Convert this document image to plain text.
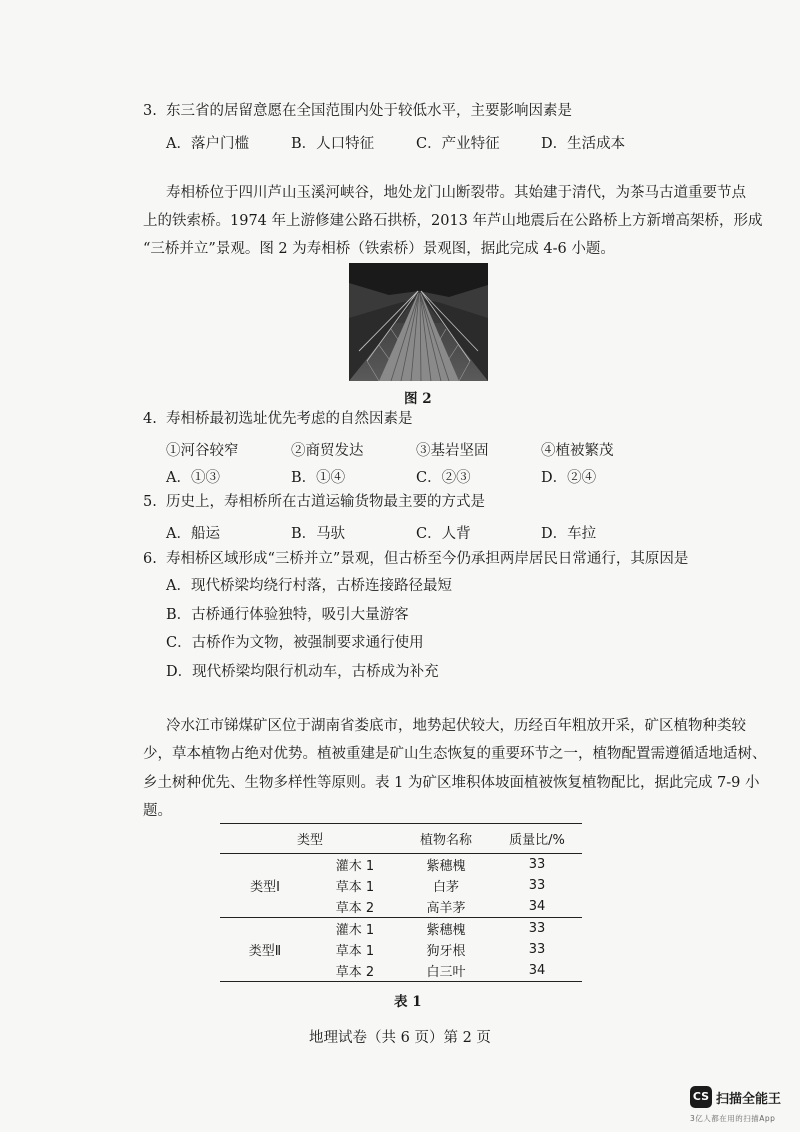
3. 东三省的居留意愿在全国范围内处于较低水平，主要影响因素是
A．落户门槛	B．人口特征	C．产业特征	D．生活成本
寿相桥位于四川芦山玉溪河峡谷，地处龙门山断裂带。其始建于清代，为茶马古道重要节点
上的铁索桥。1974 年上游修建公路石拱桥，2013 年芦山地震后在公路桥上方新增高架桥，形成
“三桥并立”景观。图 2 为寿相桥（铁索桥）景观图，据此完成 4-6 小题。
图 2
4. 寿相桥最初选址优先考虑的自然因素是
①河谷较窄	②商贸发达	③基岩坚固	④植被繁茂
A．①③	B．①④	C．②③	D．②④
5. 历史上，寿相桥所在古道运输货物最主要的方式是
A．船运	B．马驮	C．人背	D．车拉
6. 寿相桥区域形成“三桥并立”景观，但古桥至今仍承担两岸居民日常通行，其原因是
A．现代桥梁均绕行村落，古桥连接路径最短
B．古桥通行体验独特，吸引大量游客
C．古桥作为文物，被强制要求通行使用
D．现代桥梁均限行机动车，古桥成为补充
冷水江市锑煤矿区位于湖南省娄底市，地势起伏较大，历经百年粗放开采，矿区植物种类较
少，草本植物占绝对优势。植被重建是矿山生态恢复的重要环节之一，植物配置需遵循适地适树、
乡土树种优先、生物多样性等原则。表 1 为矿区堆积体坡面植被恢复植物配比，据此完成 7-9 小
题。
类型		植物名称	质量比/%
类型Ⅰ	灌木 1	紫穗槐	33
	草本 1	白茅	33
	草本 2	高羊茅	34
类型Ⅱ	灌木 1	紫穗槐	33
	草本 1	狗牙根	33
	草本 2	白三叶	34
表 1
地理试卷（共 6 页）第 2 页
CS 扫描全能王
3亿人都在用的扫描App
